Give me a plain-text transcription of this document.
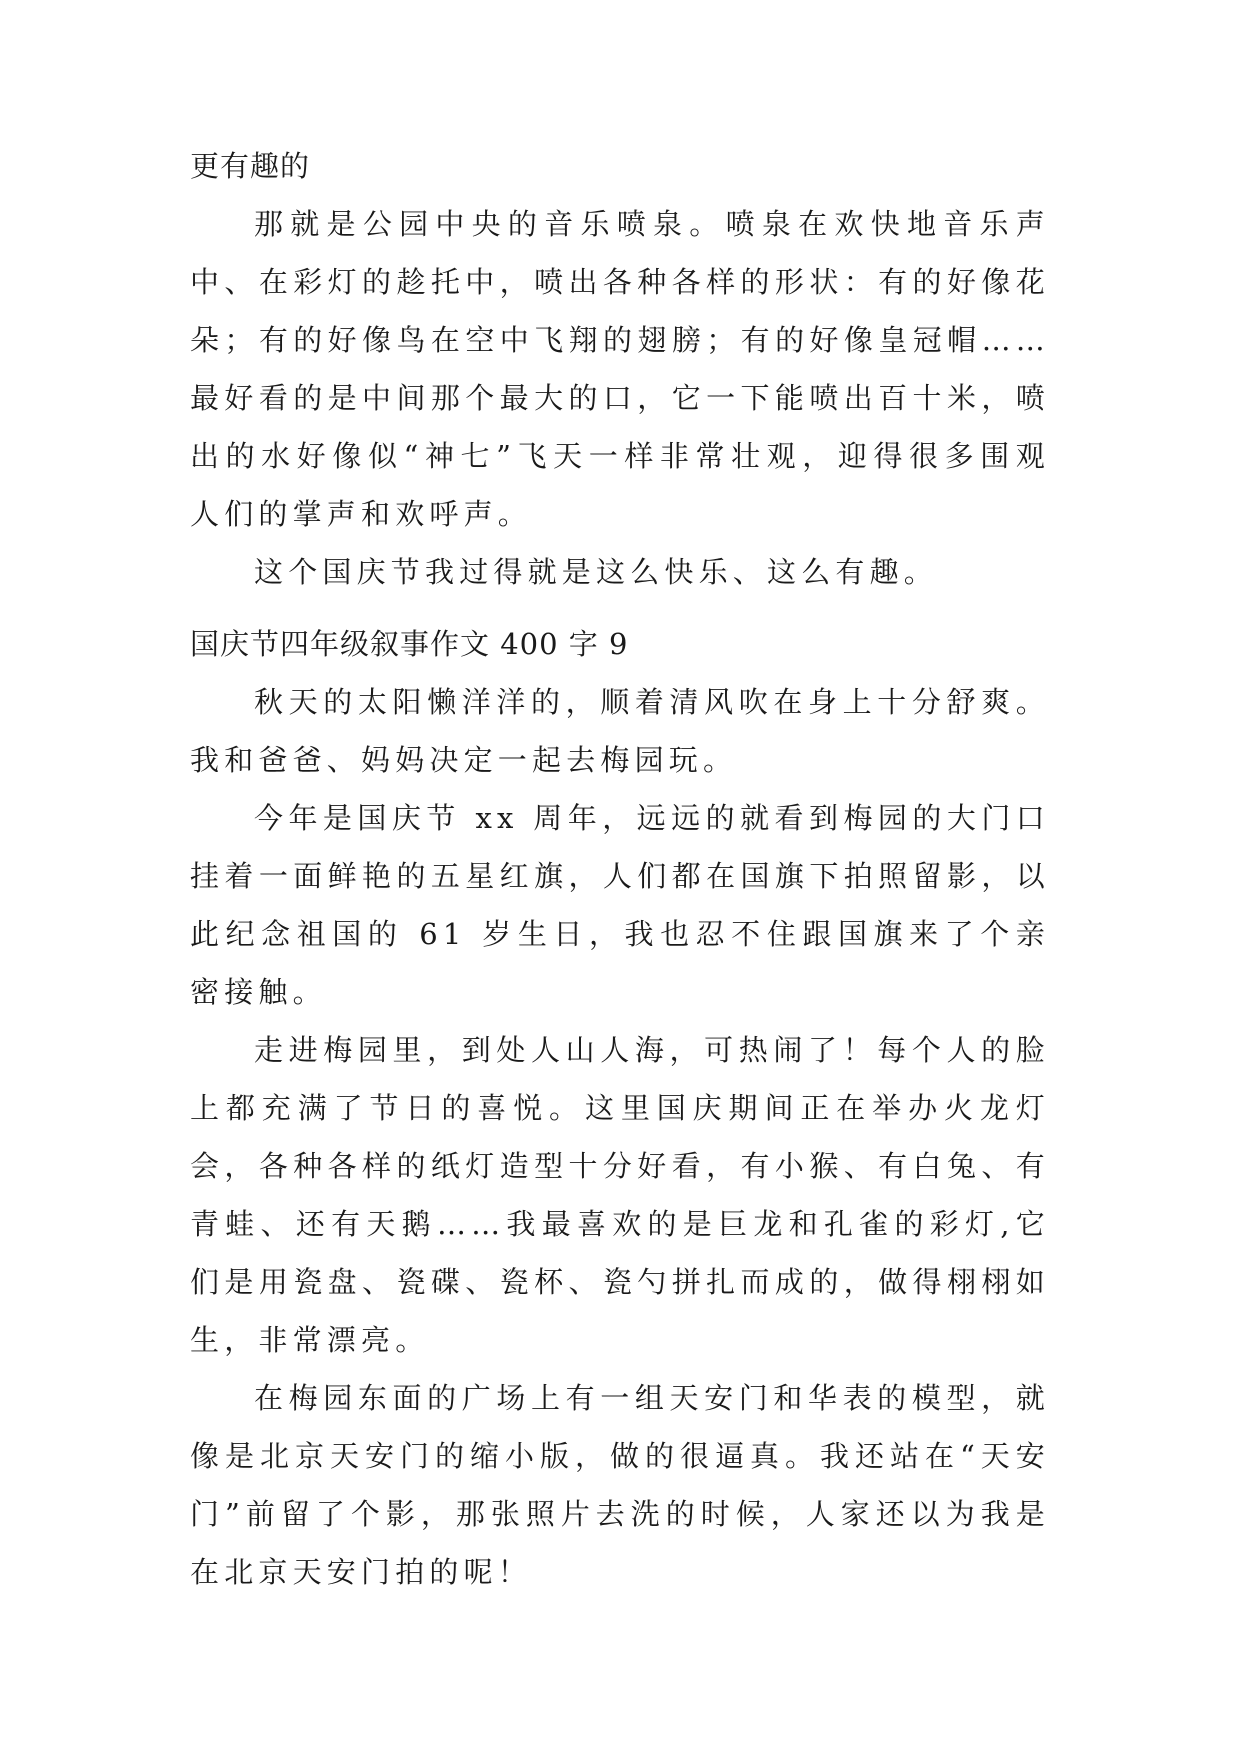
更有趣的

那就是公园中央的音乐喷泉。喷泉在欢快地音乐声中、在彩灯的趁托中，喷出各种各样的形状：有的好像花朵；有的好像鸟在空中飞翔的翅膀；有的好像皇冠帽……最好看的是中间那个最大的口，它一下能喷出百十米，喷出的水好像似“神七”飞天一样非常壮观，迎得很多围观人们的掌声和欢呼声。

这个国庆节我过得就是这么快乐、这么有趣。

国庆节四年级叙事作文 400 字 9

秋天的太阳懒洋洋的，顺着清风吹在身上十分舒爽。我和爸爸、妈妈决定一起去梅园玩。

今年是国庆节 xx 周年，远远的就看到梅园的大门口挂着一面鲜艳的五星红旗，人们都在国旗下拍照留影，以此纪念祖国的 61 岁生日，我也忍不住跟国旗来了个亲密接触。

走进梅园里，到处人山人海，可热闹了！每个人的脸上都充满了节日的喜悦。这里国庆期间正在举办火龙灯会，各种各样的纸灯造型十分好看，有小猴、有白兔、有青蛙、还有天鹅……我最喜欢的是巨龙和孔雀的彩灯,它们是用瓷盘、瓷碟、瓷杯、瓷勺拼扎而成的，做得栩栩如生，非常漂亮。

在梅园东面的广场上有一组天安门和华表的模型，就像是北京天安门的缩小版，做的很逼真。我还站在“天安门”前留了个影，那张照片去洗的时候，人家还以为我是在北京天安门拍的呢！
